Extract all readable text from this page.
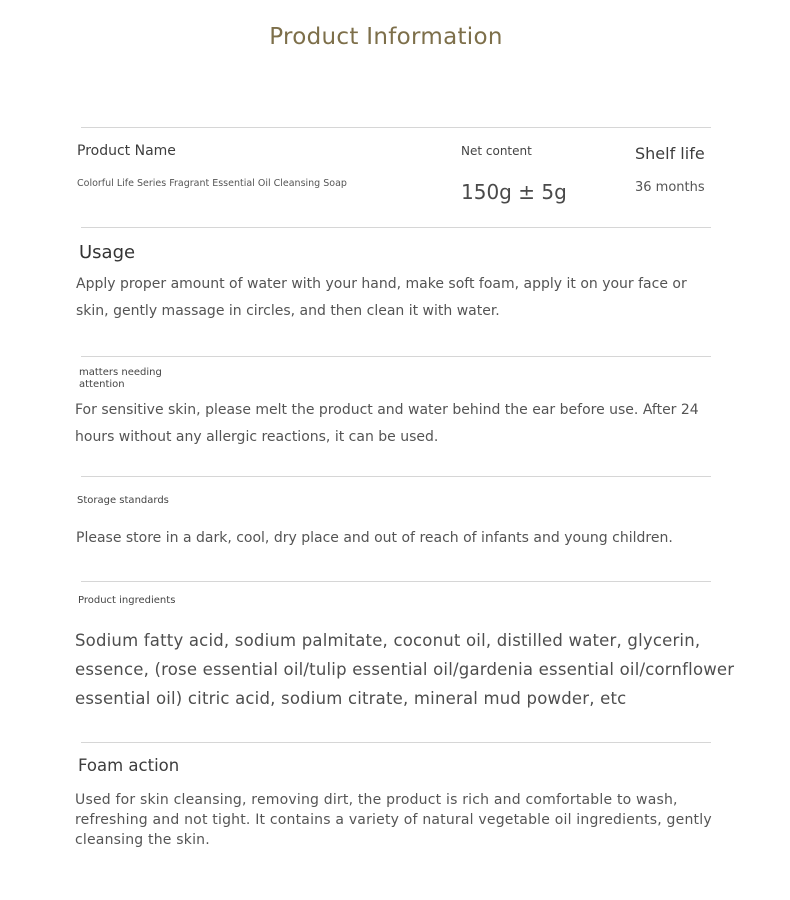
Product Information
Product Name
Colorful Life Series Fragrant Essential Oil Cleansing Soap
Net content
150g ± 5g
Shelf life
36 months
Usage
Apply proper amount of water with your hand, make soft foam, apply it on your face or skin, gently massage in circles, and then clean it with water.
matters needing
attention
For sensitive skin, please melt the product and water behind the ear before use. After 24 hours without any allergic reactions, it can be used.
Storage standards
Please store in a dark, cool, dry place and out of reach of infants and young children.
Product ingredients
Sodium fatty acid, sodium palmitate, coconut oil, distilled water, glycerin, essence, (rose essential oil/tulip essential oil/gardenia essential oil/cornflower essential oil) citric acid, sodium citrate, mineral mud powder, etc
Foam action
Used for skin cleansing, removing dirt, the product is rich and comfortable to wash, refreshing and not tight. It contains a variety of natural vegetable oil ingredients, gently cleansing the skin.
